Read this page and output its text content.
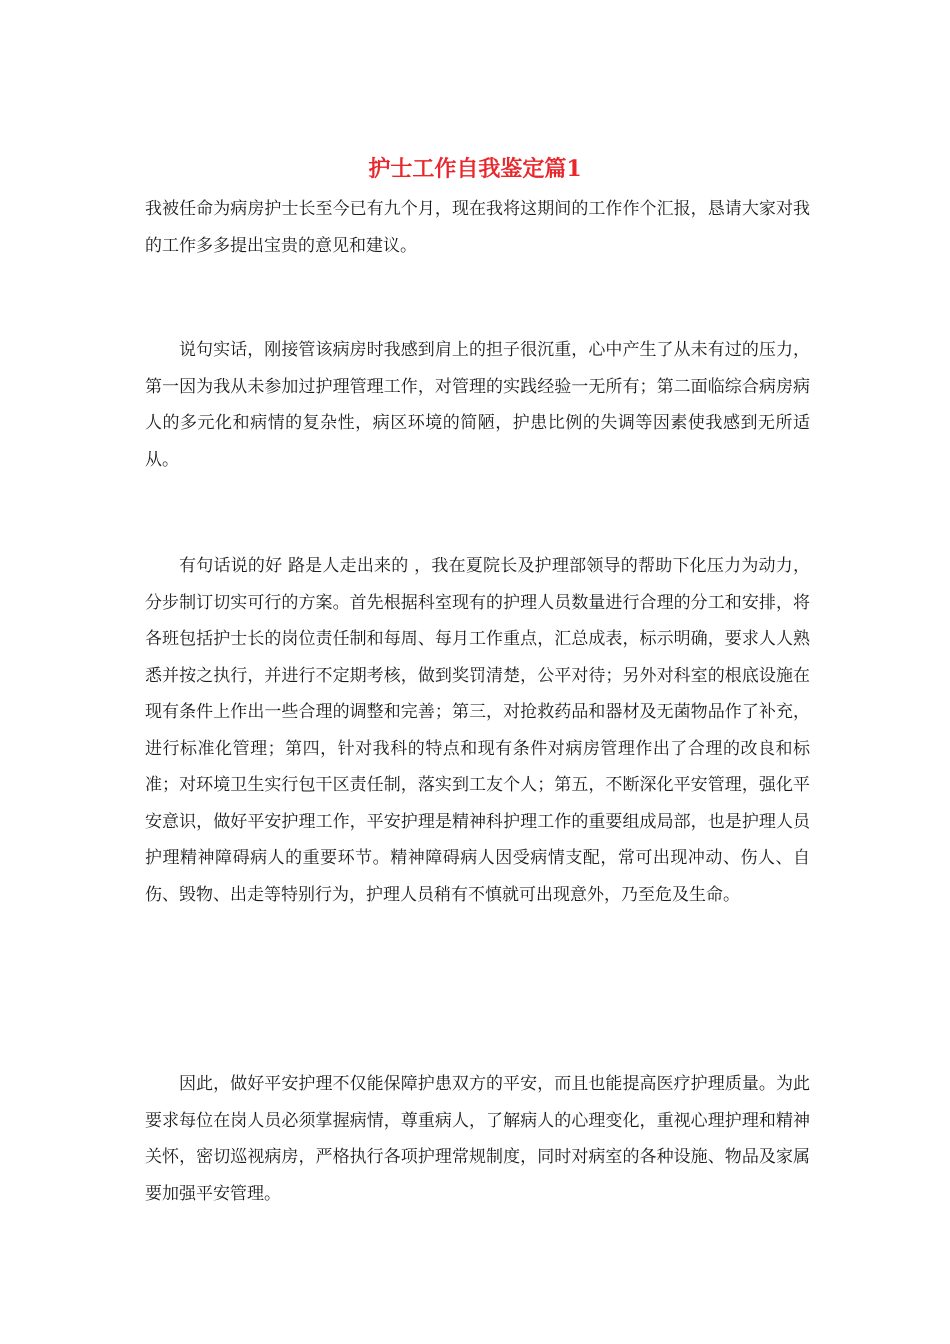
护士工作自我鉴定篇1

我被任命为病房护士长至今已有九个月，现在我将这期间的工作作个汇报，恳请大家对我的工作多多提出宝贵的意见和建议。

说句实话，刚接管该病房时我感到肩上的担子很沉重，心中产生了从未有过的压力，第一因为我从未参加过护理管理工作，对管理的实践经验一无所有；第二面临综合病房病人的多元化和病情的复杂性，病区环境的简陋，护患比例的失调等因素使我感到无所适从。

有句话说的好 路是人走出来的 ，我在夏院长及护理部领导的帮助下化压力为动力，分步制订切实可行的方案。首先根据科室现有的护理人员数量进行合理的分工和安排，将各班包括护士长的岗位责任制和每周、每月工作重点，汇总成表，标示明确，要求人人熟悉并按之执行，并进行不定期考核，做到奖罚清楚，公平对待；另外对科室的根底设施在现有条件上作出一些合理的调整和完善；第三，对抢救药品和器材及无菌物品作了补充，进行标准化管理；第四，针对我科的特点和现有条件对病房管理作出了合理的改良和标准；对环境卫生实行包干区责任制，落实到工友个人；第五，不断深化平安管理，强化平安意识，做好平安护理工作，平安护理是精神科护理工作的重要组成局部，也是护理人员护理精神障碍病人的重要环节。精神障碍病人因受病情支配，常可出现冲动、伤人、自伤、毁物、出走等特别行为，护理人员稍有不慎就可出现意外，乃至危及生命。

因此，做好平安护理不仅能保障护患双方的平安，而且也能提高医疗护理质量。为此要求每位在岗人员必须掌握病情，尊重病人，了解病人的心理变化，重视心理护理和精神关怀，密切巡视病房，严格执行各项护理常规制度，同时对病室的各种设施、物品及家属要加强平安管理。
